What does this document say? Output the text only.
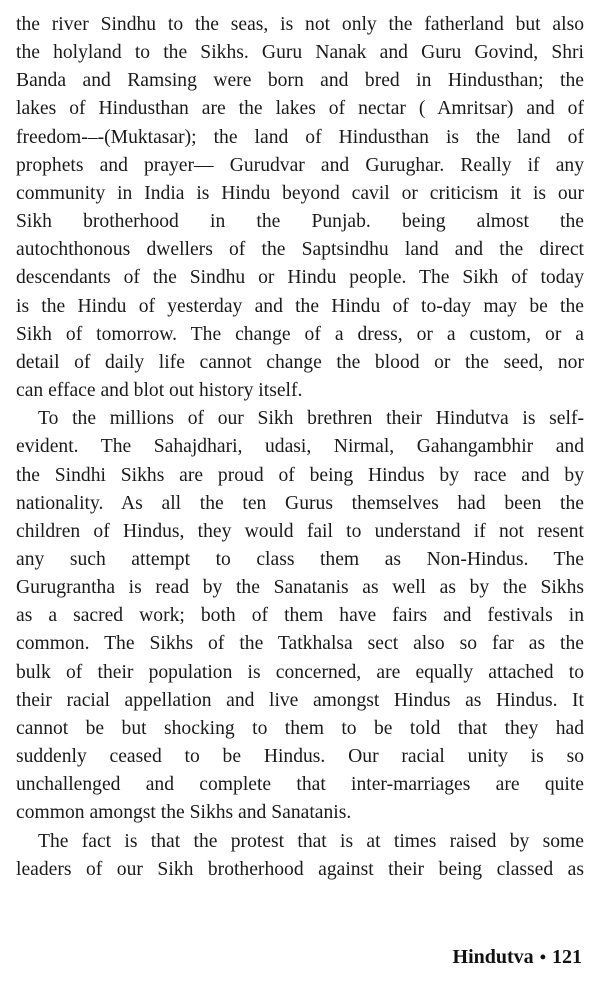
the river Sindhu to the seas, is not only the fatherland but also
the holyland to the Sikhs. Guru Nanak and Guru Govind, Shri
Banda and Ramsing were born and bred in Hindusthan; the
lakes of Hindusthan are the lakes of nectar ( Amritsar) and of
freedom-–-(Muktasar); the land of Hindusthan is the land of
prophets and prayer— Gurudvar and Gurughar. Really if any
community in India is Hindu beyond cavil or criticism it is our
Sikh brotherhood in the Punjab. being almost the
autochthonous dwellers of the Saptsindhu land and the direct
descendants of the Sindhu or Hindu people. The Sikh of today
is the Hindu of yesterday and the Hindu of to-day may be the
Sikh of tomorrow. The change of a dress, or a custom, or a
detail of daily life cannot change the blood or the seed, nor
can efface and blot out history itself.
To the millions of our Sikh brethren their Hindutva is self-
evident. The Sahajdhari, udasi, Nirmal, Gahangambhir and
the Sindhi Sikhs are proud of being Hindus by race and by
nationality. As all the ten Gurus themselves had been the
children of Hindus, they would fail to understand if not resent
any such attempt to class them as Non-Hindus. The
Gurugrantha is read by the Sanatanis as well as by the Sikhs
as a sacred work; both of them have fairs and festivals in
common. The Sikhs of the Tatkhalsa sect also so far as the
bulk of their population is concerned, are equally attached to
their racial appellation and live amongst Hindus as Hindus. It
cannot be but shocking to them to be told that they had
suddenly ceased to be Hindus. Our racial unity is so
unchallenged and complete that inter-marriages are quite
common amongst the Sikhs and Sanatanis.
The fact is that the protest that is at times raised by some
leaders of our Sikh brotherhood against their being classed as
Hindutva • 121
